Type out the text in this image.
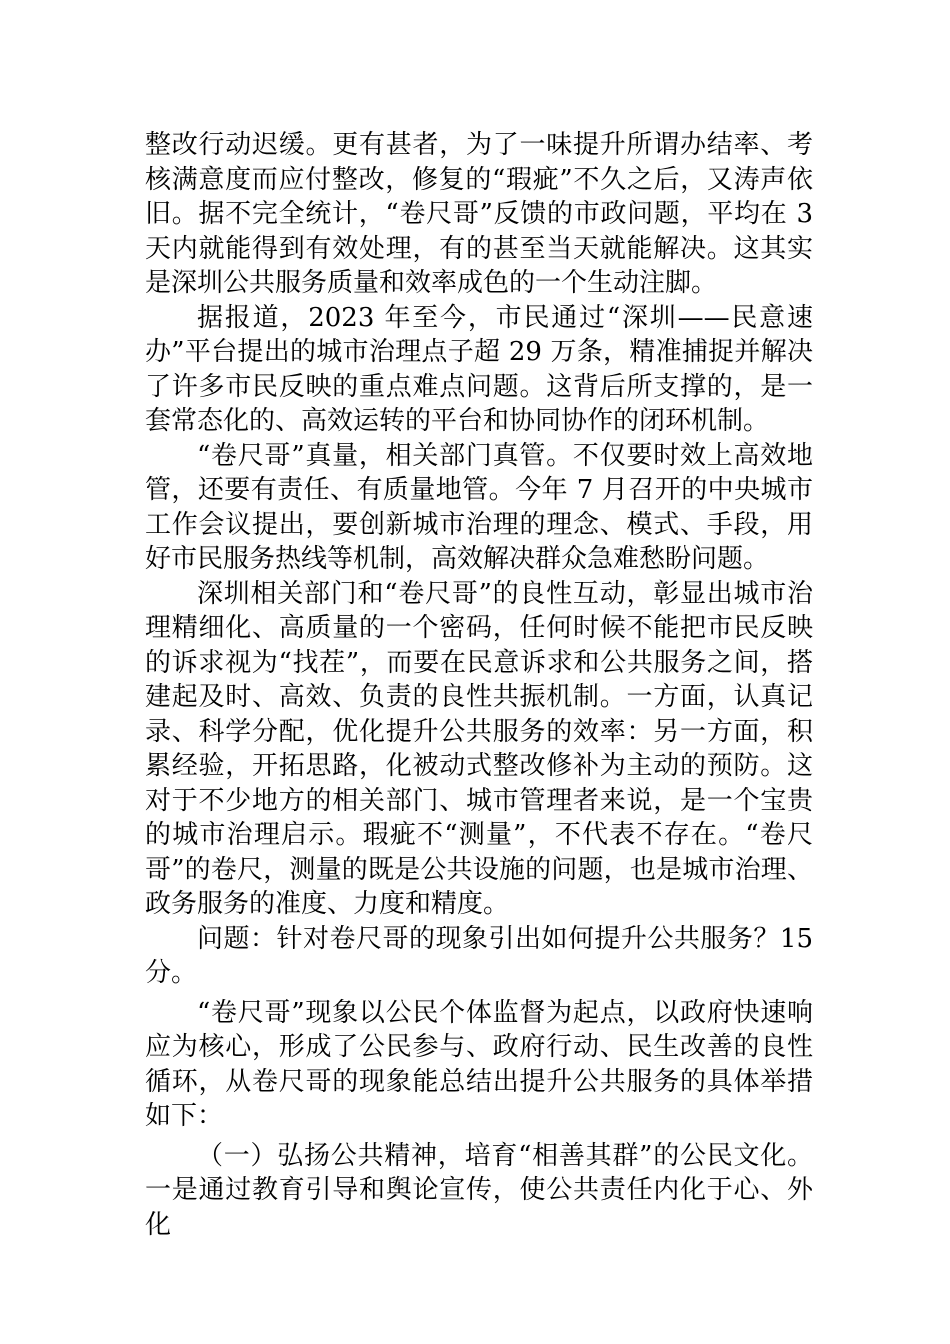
整改行动迟缓。更有甚者，为了一味提升所谓办结率、考核满意度而应付整改，修复的“瑕疵”不久之后，又涛声依旧。据不完全统计，“卷尺哥”反馈的市政问题，平均在 3 天内就能得到有效处理，有的甚至当天就能解决。这其实是深圳公共服务质量和效率成色的一个生动注脚。

据报道，2023 年至今，市民通过“深圳——民意速办”平台提出的城市治理点子超 29 万条，精准捕捉并解决了许多市民反映的重点难点问题。这背后所支撑的，是一套常态化的、高效运转的平台和协同协作的闭环机制。

“卷尺哥”真量，相关部门真管。不仅要时效上高效地管，还要有责任、有质量地管。今年 7 月召开的中央城市工作会议提出，要创新城市治理的理念、模式、手段，用好市民服务热线等机制，高效解决群众急难愁盼问题。

深圳相关部门和“卷尺哥”的良性互动，彰显出城市治理精细化、高质量的一个密码，任何时候不能把市民反映的诉求视为“找茬”，而要在民意诉求和公共服务之间，搭建起及时、高效、负责的良性共振机制。一方面，认真记录、科学分配，优化提升公共服务的效率：另一方面，积累经验，开拓思路，化被动式整改修补为主动的预防。这对于不少地方的相关部门、城市管理者来说，是一个宝贵的城市治理启示。瑕疵不“测量”，不代表不存在。“卷尺哥”的卷尺，测量的既是公共设施的问题，也是城市治理、政务服务的准度、力度和精度。

问题：针对卷尺哥的现象引出如何提升公共服务？15 分。

“卷尺哥”现象以公民个体监督为起点，以政府快速响应为核心，形成了公民参与、政府行动、民生改善的良性循环，从卷尺哥的现象能总结出提升公共服务的具体举措如下：

（一）弘扬公共精神，培育“相善其群”的公民文化。一是通过教育引导和舆论宣传，使公共责任内化于心、外化
